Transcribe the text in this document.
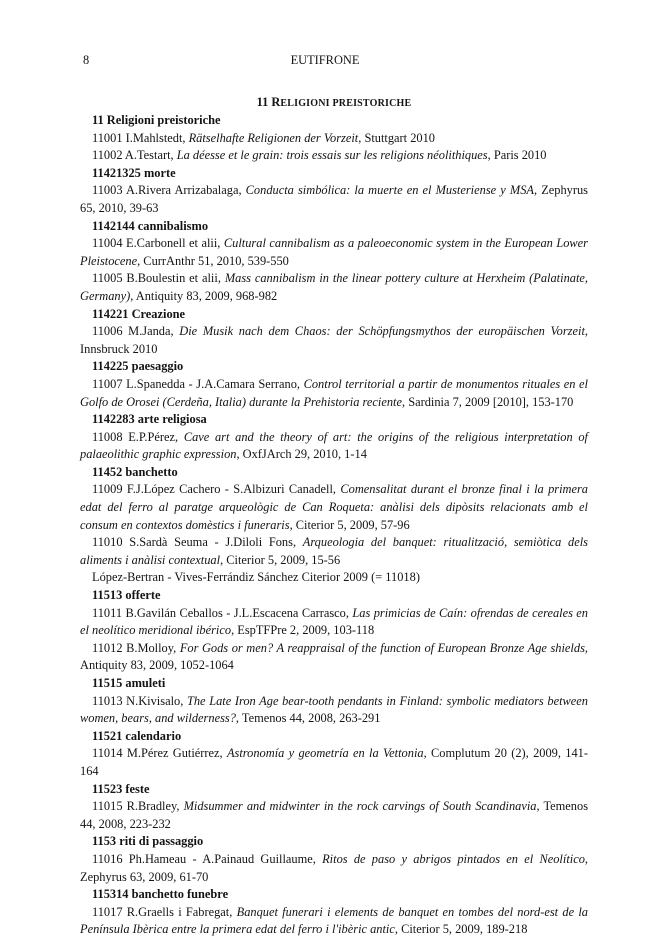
8	EUTIFRONE
11 RELIGIONI PREISTORICHE
11 Religioni preistoriche
11001 I.Mahlstedt, Rätselhafte Religionen der Vorzeit, Stuttgart 2010
11002 A.Testart, La déesse et le grain: trois essais sur les religions néolithiques, Paris 2010
11421325 morte
11003 A.Rivera Arrizabalaga, Conducta simbólica: la muerte en el Musteriense y MSA, Zephyrus 65, 2010, 39-63
1142144 cannibalismo
11004 E.Carbonell et alii, Cultural cannibalism as a paleoeconomic system in the European Lower Pleistocene, CurrAnthr 51, 2010, 539-550
11005 B.Boulestin et alii, Mass cannibalism in the linear pottery culture at Herxheim (Palatinate, Germany), Antiquity 83, 2009, 968-982
114221 Creazione
11006 M.Janda, Die Musik nach dem Chaos: der Schöpfungsmythos der europäischen Vorzeit, Innsbruck 2010
114225 paesaggio
11007 L.Spanedda - J.A.Camara Serrano, Control territorial a partir de monumentos rituales en el Golfo de Orosei (Cerdeña, Italia) durante la Prehistoria reciente, Sardinia 7, 2009 [2010], 153-170
1142283 arte religiosa
11008 E.P.Pérez, Cave art and the theory of art: the origins of the religious interpretation of palaeolithic graphic expression, OxfJArch 29, 2010, 1-14
11452 banchetto
11009 F.J.López Cachero - S.Albizuri Canadell, Comensalitat durant el bronze final i la primera edat del ferro al paratge arqueològic de Can Roqueta: anàlisi dels dipòsits relacionats amb el consum en contextos domèstics i funeraris, Citerior 5, 2009, 57-96
11010 S.Sardà Seuma - J.Diloli Fons, Arqueologia del banquet: ritualització, semiòtica dels aliments i anàlisi contextual, Citerior 5, 2009, 15-56
López-Bertran - Vives-Ferrándiz Sánchez Citerior 2009 (= 11018)
11513 offerte
11011 B.Gavilán Ceballos - J.L.Escacena Carrasco, Las primicias de Caín: ofrendas de cereales en el neolítico meridional ibérico, EspTFPre 2, 2009, 103-118
11012 B.Molloy, For Gods or men? A reappraisal of the function of European Bronze Age shields, Antiquity 83, 2009, 1052-1064
11515 amuleti
11013 N.Kivisalo, The Late Iron Age bear-tooth pendants in Finland: symbolic mediators between women, bears, and wilderness?, Temenos 44, 2008, 263-291
11521 calendario
11014 M.Pérez Gutiérrez, Astronomía y geometría en la Vettonia, Complutum 20 (2), 2009, 141-164
11523 feste
11015 R.Bradley, Midsummer and midwinter in the rock carvings of South Scandinavia, Temenos 44, 2008, 223-232
1153 riti di passaggio
11016 Ph.Hameau - A.Painaud Guillaume, Ritos de paso y abrigos pintados en el Neolítico, Zephyrus 63, 2009, 61-70
115314 banchetto funebre
11017 R.Graells i Fabregat, Banquet funerari i elements de banquet en tombes del nord-est de la Península Ibèrica entre la primera edat del ferro i l'ibèric antic, Citerior 5, 2009, 189-218
